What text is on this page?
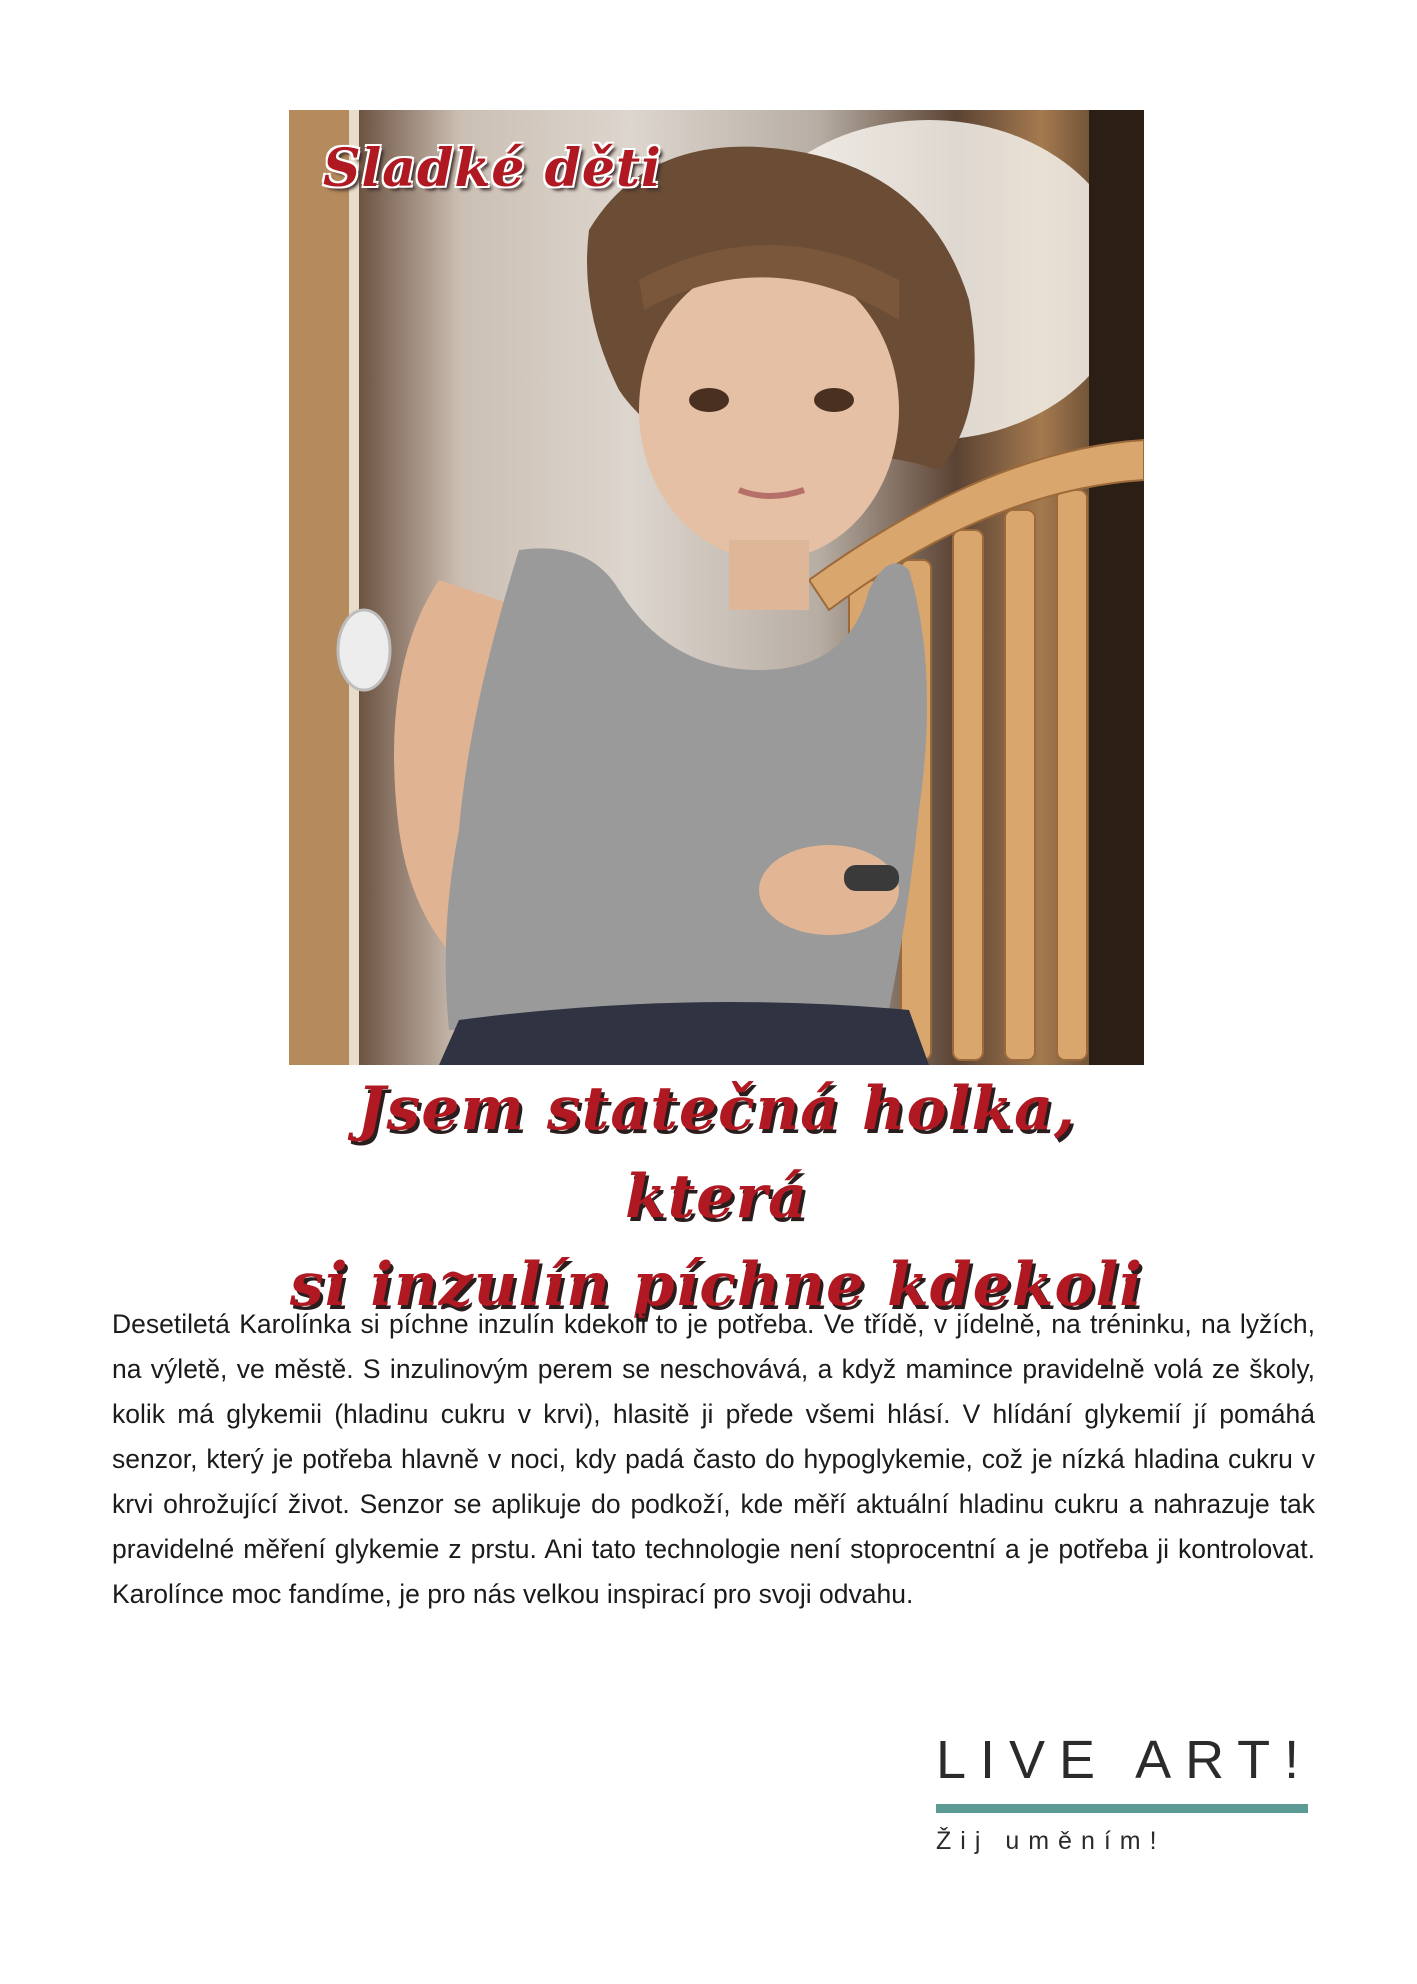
Sladké děti
Jsem statečná holka, která
si inzulín píchne kdekoli

Desetiletá Karolínka si píchne inzulín kdekoli to je potřeba. Ve třídě, v jídelně, na tréninku, na lyžích, na výletě, ve městě. S inzulinovým perem se neschovává, a když mamince pravidelně volá ze školy, kolik má glykemii (hladinu cukru v krvi), hlasitě ji přede všemi hlásí. V hlídání glykemií jí pomáhá senzor, který je potřeba hlavně v noci, kdy padá často do hypoglykemie, což je nízká hladina cukru v krvi ohrožující život. Senzor se aplikuje do podkoží, kde měří aktuální hladinu cukru a nahrazuje tak pravidelné měření glykemie z prstu. Ani tato technologie není stoprocentní a je potřeba ji kontrolovat. Karolínce moc fandíme, je pro nás velkou inspirací pro svoji odvahu.

LIVE ART!
Žij uměním!
